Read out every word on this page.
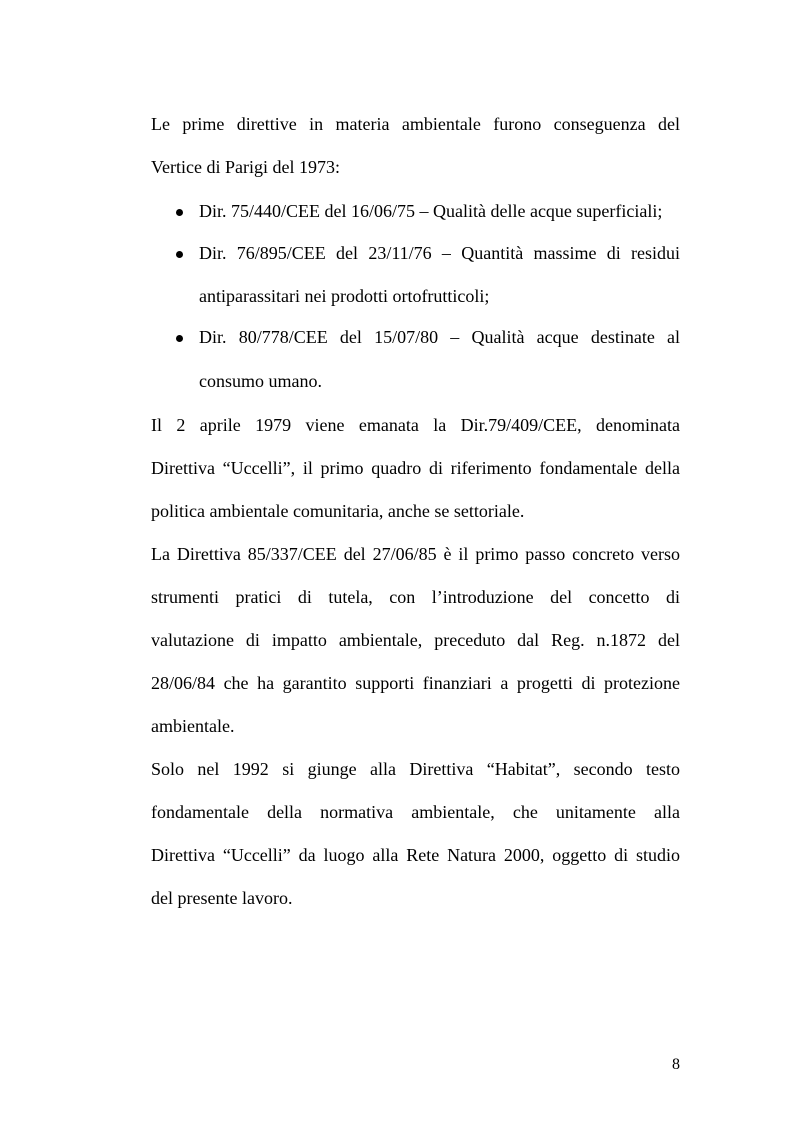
Le prime direttive in materia ambientale furono conseguenza del
Vertice di Parigi del 1973:
Dir. 75/440/CEE del 16/06/75 – Qualità delle acque superficiali;
Dir. 76/895/CEE del 23/11/76 – Quantità massime di residui
antiparassitari nei prodotti ortofrutticoli;
Dir. 80/778/CEE del 15/07/80 – Qualità acque destinate al
consumo umano.
Il 2 aprile 1979 viene emanata la Dir.79/409/CEE, denominata
Direttiva “Uccelli”, il primo quadro di riferimento fondamentale della
politica ambientale comunitaria, anche se settoriale.
La Direttiva 85/337/CEE del 27/06/85 è il primo passo concreto verso
strumenti pratici di tutela, con l’introduzione del concetto di
valutazione di impatto ambientale, preceduto dal Reg. n.1872 del
28/06/84 che ha garantito supporti finanziari a progetti di protezione
ambientale.
Solo nel 1992 si giunge alla Direttiva “Habitat”, secondo testo
fondamentale della normativa ambientale, che unitamente alla
Direttiva “Uccelli” da luogo alla Rete Natura 2000, oggetto di studio
del presente lavoro.
8
